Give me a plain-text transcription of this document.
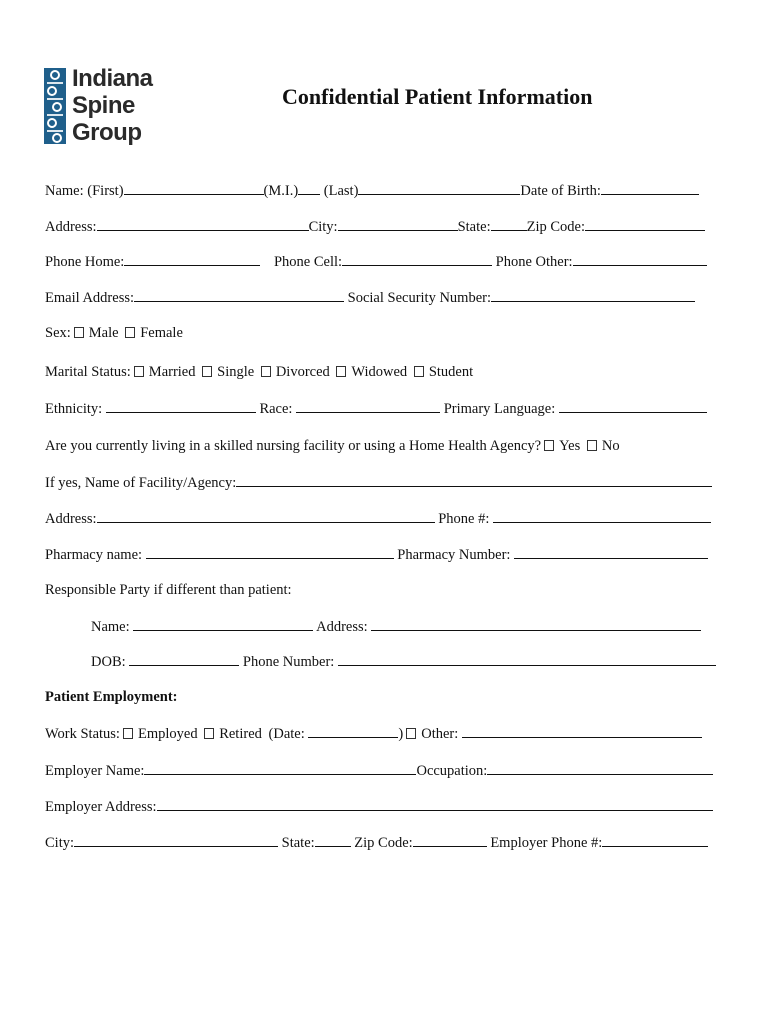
Indiana
Spine
Group
Confidential Patient Information
Name: (First)	(M.I.) (Last)	Date of Birth:
Address:	City:	State: Zip Code:
Phone Home:	Phone Cell:	Phone Other:
Email Address:	Social Security Number:
Sex: Male Female
Marital Status: Married Single Divorced Widowed Student
Ethnicity:	Race:	Primary Language:
Are you currently living in a skilled nursing facility or using a Home Health Agency? Yes No
If yes, Name of Facility/Agency:
Address:	Phone #:
Pharmacy name:	Pharmacy Number:
Responsible Party if different than patient:
Name:	Address:
DOB:	Phone Number:
Patient Employment:
Work Status: Employed Retired (Date:	) Other:
Employer Name:	Occupation:
Employer Address:
City:	State:	Zip Code:	Employer Phone #:
